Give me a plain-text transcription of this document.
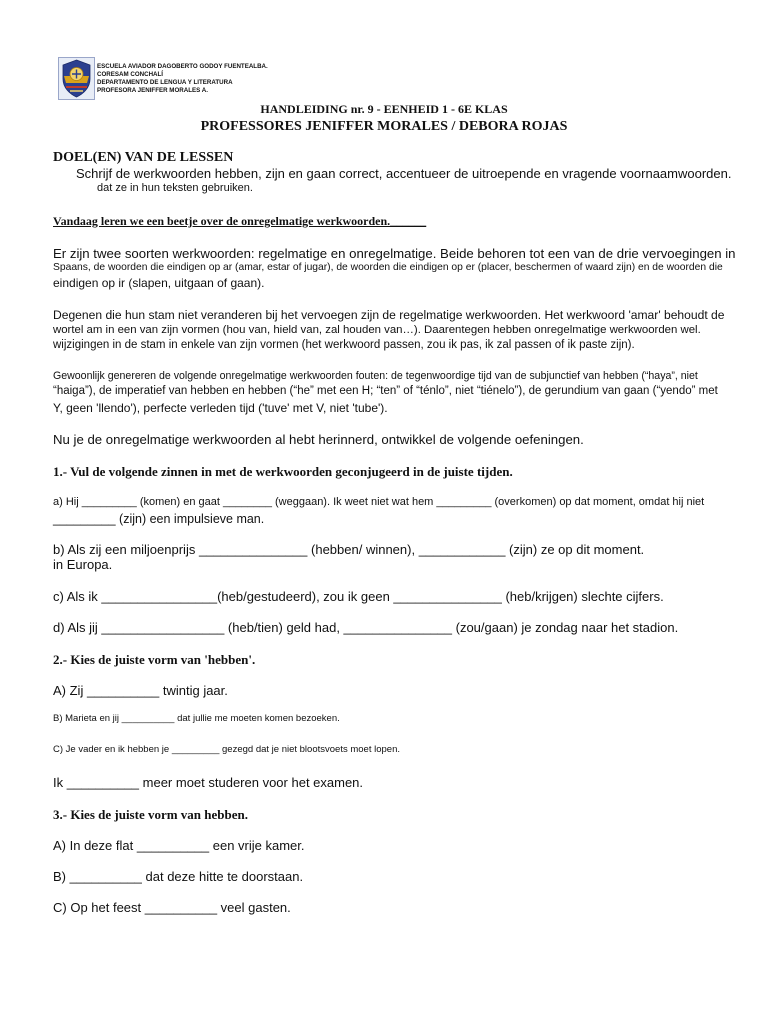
ESCUELA AVIADOR DAGOBERTO GODOY FUENTEALBA.
CORESAM CONCHALÍ
DEPARTAMENTO DE LENGUA Y LITERATURA
PROFESORA JENIFFER MORALES A.
HANDLEIDING nr. 9 - EENHEID 1 - 6E KLAS
PROFESSORES JENIFFER MORALES / DEBORA ROJAS
DOEL(EN) VAN DE LESSEN
Schrijf de werkwoorden hebben, zijn en gaan correct, accentueer de uitroepende en vragende voornaamwoorden.
dat ze in hun teksten gebruiken.
Vandaag leren we een beetje over de onregelmatige werkwoorden.______
Er zijn twee soorten werkwoorden: regelmatige en onregelmatige. Beide behoren tot een van de drie vervoegingen in
Spaans, de woorden die eindigen op ar (amar, estar of jugar), de woorden die eindigen op er (placer, beschermen of waard zijn) en de woorden die
eindigen op ir (slapen, uitgaan of gaan).
Degenen die hun stam niet veranderen bij het vervoegen zijn de regelmatige werkwoorden. Het werkwoord 'amar' behoudt de
wortel am in een van zijn vormen (hou van, hield van, zal houden van…). Daarentegen hebben onregelmatige werkwoorden wel.
wijzigingen in de stam in enkele van zijn vormen (het werkwoord passen, zou ik pas, ik zal passen of ik paste zijn).
Gewoonlijk genereren de volgende onregelmatige werkwoorden fouten: de tegenwoordige tijd van de subjunctief van hebben (“haya”, niet
“haiga”), de imperatief van hebben en hebben (“he” met een H; “ten” of “ténlo”, niet “tiénelo”), de gerundium van gaan (“yendo” met
Y, geen 'llendo'), perfecte verleden tijd ('tuve' met V, niet 'tube').
Nu je de onregelmatige werkwoorden al hebt herinnerd, ontwikkel de volgende oefeningen.
1.- Vul de volgende zinnen in met de werkwoorden geconjugeerd in de juiste tijden.
a) Hij _________ (komen) en gaat ________ (weggaan). Ik weet niet wat hem _________ (overkomen) op dat moment, omdat hij niet
_________ (zijn) een impulsieve man.
b) Als zij een miljoenprijs _______________ (hebben/ winnen), ____________ (zijn) ze op dit moment.
in Europa.
c) Als ik ________________(heb/gestudeerd), zou ik geen _______________ (heb/krijgen) slechte cijfers.
d) Als jij _________________ (heb/tien) geld had, _______________ (zou/gaan) je zondag naar het stadion.
2.- Kies de juiste vorm van 'hebben'.
A) Zij __________ twintig jaar.
B) Marieta en jij __________ dat jullie me moeten komen bezoeken.
C) Je vader en ik hebben je _________ gezegd dat je niet blootsvoets moet lopen.
Ik __________ meer moet studeren voor het examen.
3.- Kies de juiste vorm van hebben.
A) In deze flat __________ een vrije kamer.
B) __________ dat deze hitte te doorstaan.
C) Op het feest __________ veel gasten.
